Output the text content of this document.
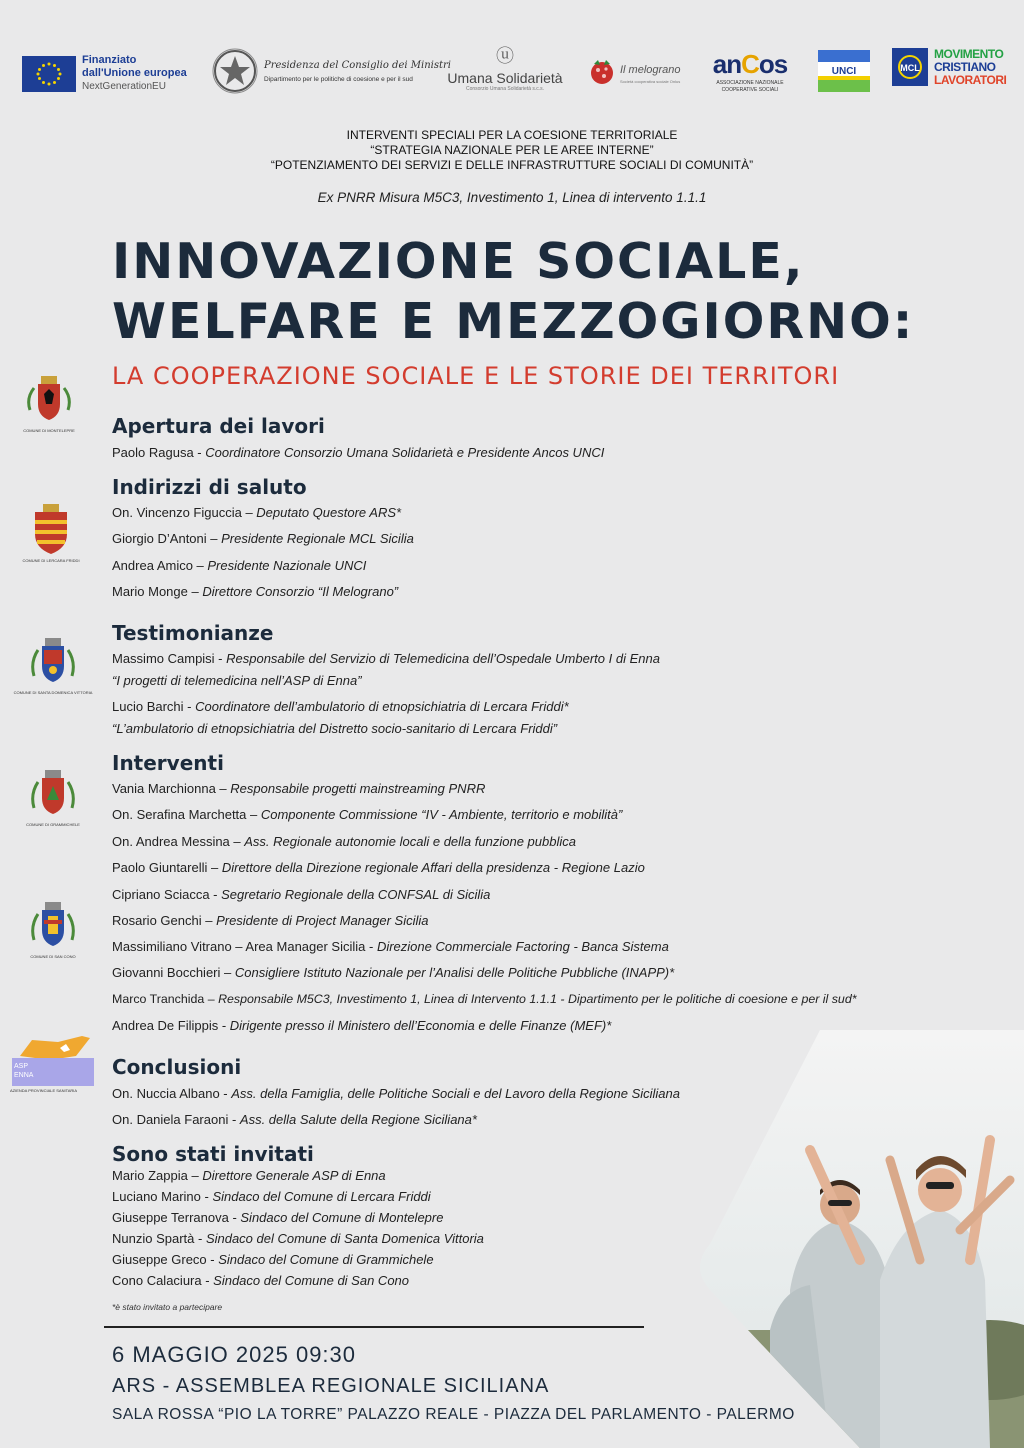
Finanziato
dall'Unione europea
NextGenerationEU
Presidenza del Consiglio dei Ministri
Dipartimento per le politiche di coesione e per il sud
ⓤ
Umana Solidarietà
Consorzio Umana Solidarietà s.c.s.
Il melograno
Società cooperativa sociale Onlus
anCos
ASSOCIAZIONE NAZIONALE COOPERATIVE SOCIALI
UNCI	MCL
MOVIMENTO
CRISTIANO
LAVORATORI
INTERVENTI SPECIALI PER LA COESIONE TERRITORIALE
“STRATEGIA NAZIONALE PER LE AREE INTERNE”
“POTENZIAMENTO DEI SERVIZI E DELLE INFRASTRUTTURE SOCIALI DI COMUNITÀ”
Ex PNRR Misura M5C3, Investimento 1, Linea di intervento 1.1.1
INNOVAZIONE SOCIALE,
WELFARE E MEZZOGIORNO:
LA COOPERAZIONE SOCIALE E LE STORIE DEI TERRITORI
COMUNE DI MONTELEPRE
COMUNE DI LERCARA FRIDDI
COMUNE DI SANTA DOMENICA VITTORIA
COMUNE DI GRAMMICHELE
COMUNE DI SAN CONO
ASP
ENNA
AZIENDA PROVINCIALE SANITARIA
Apertura dei lavori
Paolo Ragusa - Coordinatore Consorzio Umana Solidarietà e Presidente Ancos UNCI
Indirizzi di saluto
On. Vincenzo Figuccia – Deputato Questore ARS*
Giorgio D’Antoni – Presidente Regionale MCL Sicilia
Andrea Amico – Presidente Nazionale UNCI
Mario Monge – Direttore Consorzio “Il Melograno”
Testimonianze
Massimo Campisi - Responsabile del Servizio di Telemedicina dell’Ospedale Umberto I di Enna
“I progetti di telemedicina nell’ASP di Enna”
Lucio Barchi - Coordinatore dell’ambulatorio di etnopsichiatria di Lercara Friddi*
“L’ambulatorio di etnopsichiatria del Distretto socio-sanitario di Lercara Friddi”
Interventi
Vania Marchionna – Responsabile progetti mainstreaming PNRR
On. Serafina Marchetta – Componente Commissione “IV - Ambiente, territorio e mobilità”
On. Andrea Messina – Ass. Regionale autonomie locali e della funzione pubblica
Paolo Giuntarelli – Direttore della Direzione regionale Affari della presidenza - Regione Lazio
Cipriano Sciacca - Segretario Regionale della CONFSAL di Sicilia
Rosario Genchi – Presidente di Project Manager Sicilia
Massimiliano Vitrano – Area Manager Sicilia - Direzione Commerciale Factoring - Banca Sistema
Giovanni Bocchieri – Consigliere Istituto Nazionale per l’Analisi delle Politiche Pubbliche (INAPP)*
Marco Tranchida – Responsabile M5C3, Investimento 1, Linea di Intervento 1.1.1 - Dipartimento per le politiche di coesione e per il sud*
Andrea De Filippis - Dirigente presso il Ministero dell’Economia e delle Finanze (MEF)*
Conclusioni
On. Nuccia Albano - Ass. della Famiglia, delle Politiche Sociali e del Lavoro della Regione Siciliana
On. Daniela Faraoni - Ass. della Salute della Regione Siciliana*
Sono stati invitati
Mario Zappia – Direttore Generale ASP di Enna
Luciano Marino - Sindaco del Comune di Lercara Friddi
Giuseppe Terranova - Sindaco del Comune di Montelepre
Nunzio Spartà - Sindaco del Comune di Santa Domenica Vittoria
Giuseppe Greco - Sindaco del Comune di Grammichele
Cono Calaciura - Sindaco del Comune di San Cono
*è stato invitato a partecipare
6 MAGGIO 2025 09:30
ARS - ASSEMBLEA REGIONALE SICILIANA
SALA ROSSA “PIO LA TORRE” PALAZZO REALE - PIAZZA DEL PARLAMENTO - PALERMO
